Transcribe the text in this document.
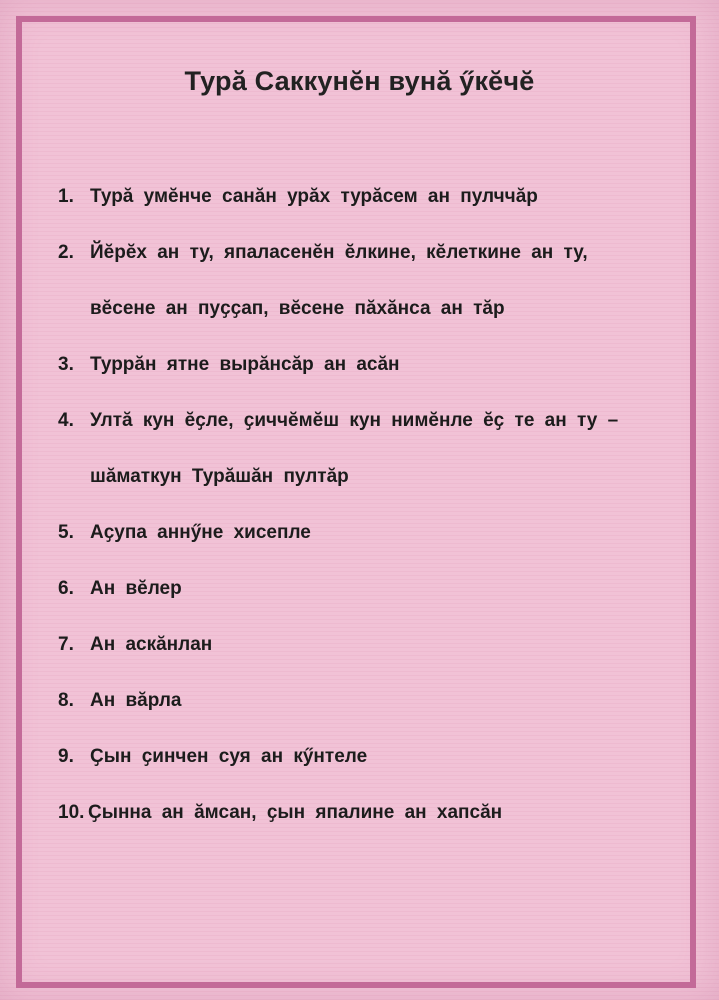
Турӑ Саккунӗн вунӑ ӳкӗчӗ
1. Турӑ умӗнче санӑн урӑх турӑсем ан пулччӑр
2. Йӗрӗх ан ту, япаласенӗн ӗлкине, кӗлеткине ан ту,
вӗсене ан пуҫҫап, вӗсене пӑхӑнса ан тӑр
3. Туррӑн ятне вырӑнсӑр ан асӑн
4. Ултӑ кун ӗҫле, ҫиччӗмӗш кун нимӗнле ӗҫ те ан ту –
шӑматкун Турӑшӑн пултӑр
5. Аҫупа аннӳне хисепле
6. Ан вӗлер
7. Ан аскӑнлан
8. Ан вӑрла
9. Ҫын ҫинчен суя ан кӳнтеле
10. Ҫынна ан ӑмсан, ҫын япалине ан хапсӑн
